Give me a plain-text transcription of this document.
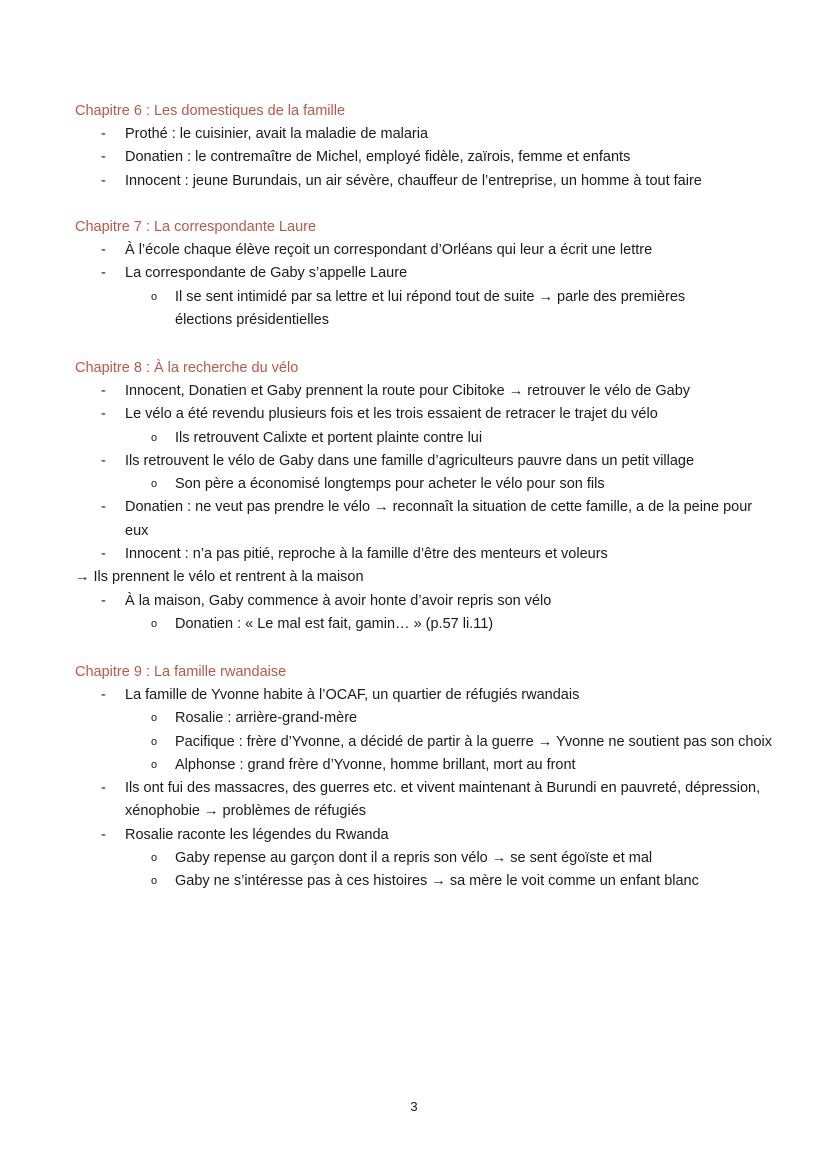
Chapitre 6 : Les domestiques de la famille
- Prothé : le cuisinier, avait la maladie de malaria
- Donatien : le contremaître de Michel, employé fidèle, zaïrois, femme et enfants
- Innocent : jeune Burundais, un air sévère, chauffeur de l’entreprise, un homme à tout faire
Chapitre 7 : La correspondante Laure
- À l’école chaque élève reçoit un correspondant d’Orléans qui leur a écrit une lettre
- La correspondante de Gaby s’appelle Laure
o Il se sent intimidé par sa lettre et lui répond tout de suite → parle des premières élections présidentielles
Chapitre 8 : À la recherche du vélo
- Innocent, Donatien et Gaby prennent la route pour Cibitoke → retrouver le vélo de Gaby
- Le vélo a été revendu plusieurs fois et les trois essaient de retracer le trajet du vélo
o Ils retrouvent Calixte et portent plainte contre lui
- Ils retrouvent le vélo de Gaby dans une famille d’agriculteurs pauvre dans un petit village
o Son père a économisé longtemps pour acheter le vélo pour son fils
- Donatien : ne veut pas prendre le vélo → reconnaît la situation de cette famille, a de la peine pour eux
- Innocent : n’a pas pitié, reproche à la famille d’être des menteurs et voleurs
→ Ils prennent le vélo et rentrent à la maison
- À la maison, Gaby commence à avoir honte d’avoir repris son vélo
o Donatien : « Le mal est fait, gamin… » (p.57 li.11)
Chapitre 9 : La famille rwandaise
- La famille de Yvonne habite à l’OCAF, un quartier de réfugiés rwandais
o Rosalie : arrière-grand-mère
o Pacifique : frère d’Yvonne, a décidé de partir à la guerre → Yvonne ne soutient pas son choix
o Alphonse : grand frère d’Yvonne, homme brillant, mort au front
- Ils ont fui des massacres, des guerres etc. et vivent maintenant à Burundi en pauvreté, dépression, xénophobie → problèmes de réfugiés
- Rosalie raconte les légendes du Rwanda
o Gaby repense au garçon dont il a repris son vélo → se sent égoïste et mal
o Gaby ne s’intéresse pas à ces histoires → sa mère le voit comme un enfant blanc
3
